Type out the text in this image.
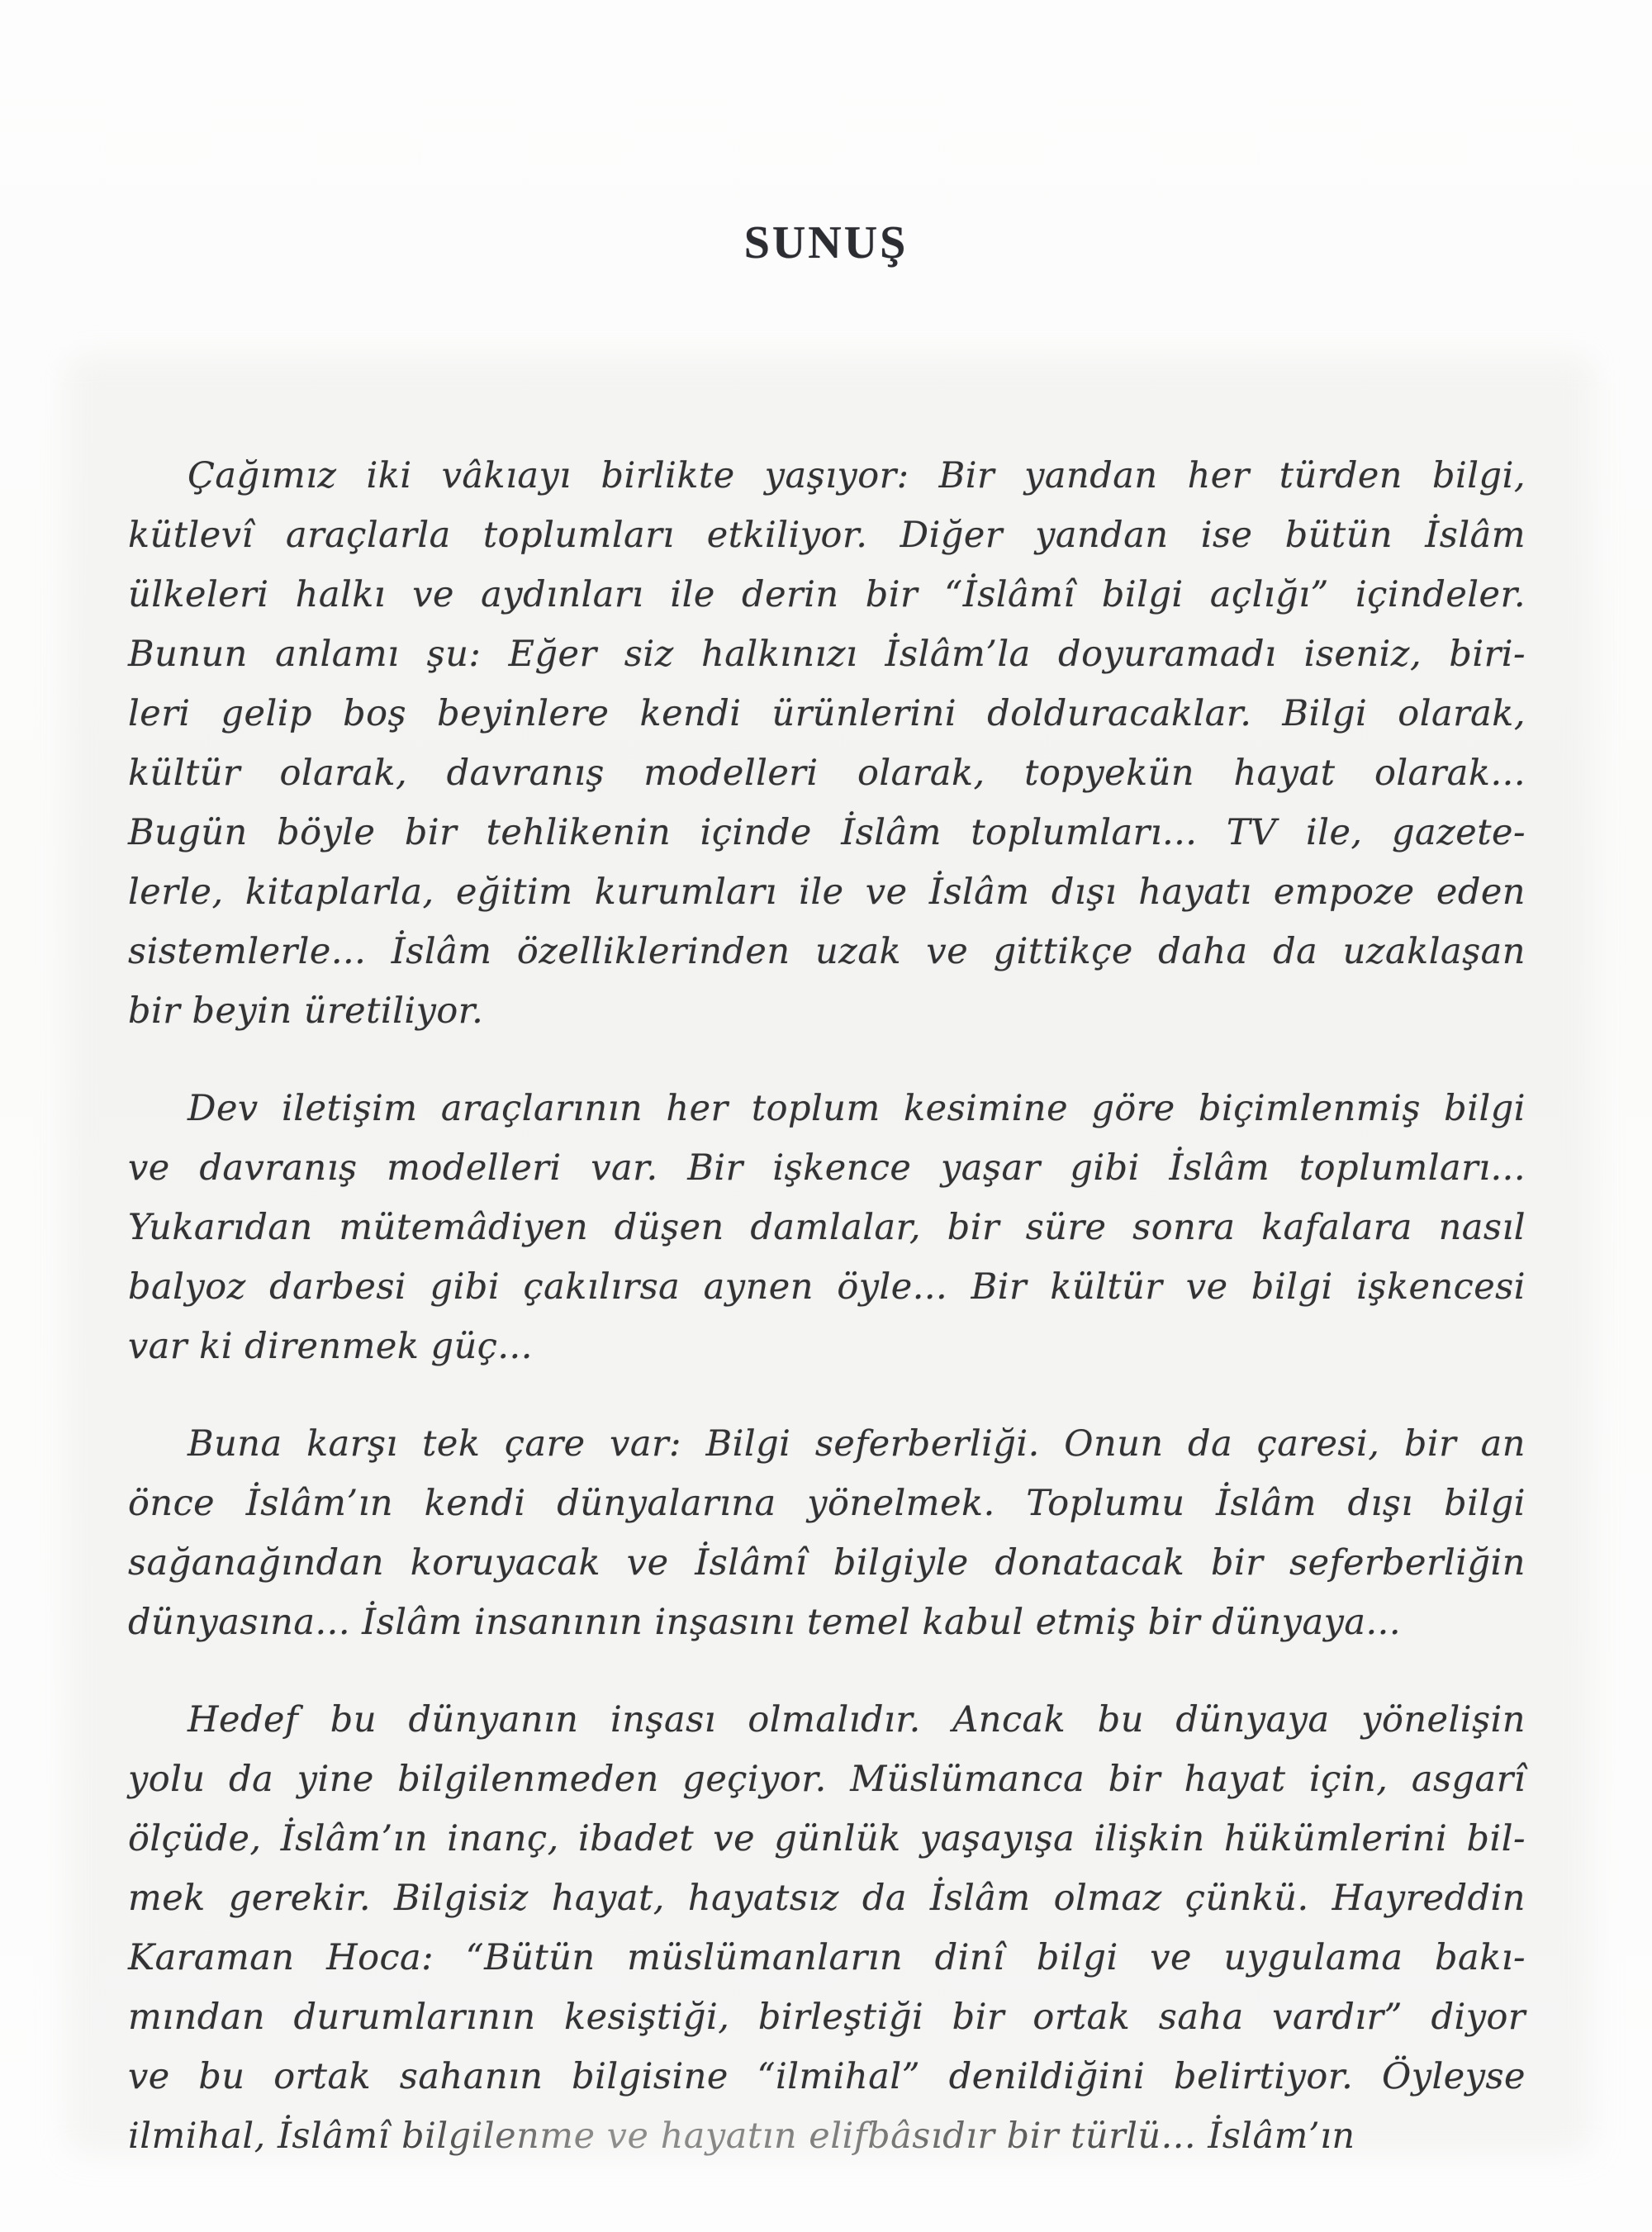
SUNUŞ
Çağımız iki vâkıayı birlikte yaşıyor: Bir yandan her türden bilgi,
kütlevî araçlarla toplumları etkiliyor. Diğer yandan ise bütün İslâm
ülkeleri halkı ve aydınları ile derin bir “İslâmî bilgi açlığı” içindeler.
Bunun anlamı şu: Eğer siz halkınızı İslâm’la doyuramadı iseniz, biri-
leri gelip boş beyinlere kendi ürünlerini dolduracaklar. Bilgi olarak,
kültür olarak, davranış modelleri olarak, topyekün hayat olarak...
Bugün böyle bir tehlikenin içinde İslâm toplumları... TV ile, gazete-
lerle, kitaplarla, eğitim kurumları ile ve İslâm dışı hayatı empoze eden
sistemlerle... İslâm özelliklerinden uzak ve gittikçe daha da uzaklaşan
bir beyin üretiliyor.
Dev iletişim araçlarının her toplum kesimine göre biçimlenmiş bilgi
ve davranış modelleri var. Bir işkence yaşar gibi İslâm toplumları...
Yukarıdan mütemâdiyen düşen damlalar, bir süre sonra kafalara nasıl
balyoz darbesi gibi çakılırsa aynen öyle... Bir kültür ve bilgi işkencesi
var ki direnmek güç...
Buna karşı tek çare var: Bilgi seferberliği. Onun da çaresi, bir an
önce İslâm’ın kendi dünyalarına yönelmek. Toplumu İslâm dışı bilgi
sağanağından koruyacak ve İslâmî bilgiyle donatacak bir seferberliğin
dünyasına... İslâm insanının inşasını temel kabul etmiş bir dünyaya...
Hedef bu dünyanın inşası olmalıdır. Ancak bu dünyaya yönelişin
yolu da yine bilgilenmeden geçiyor. Müslümanca bir hayat için, asgarî
ölçüde, İslâm’ın inanç, ibadet ve günlük yaşayışa ilişkin hükümlerini bil-
mek gerekir. Bilgisiz hayat, hayatsız da İslâm olmaz çünkü. Hayreddin
Karaman Hoca: “Bütün müslümanların dinî bilgi ve uygulama bakı-
mından durumlarının kesiştiği, birleştiği bir ortak saha vardır” diyor
ve bu ortak sahanın bilgisine “ilmihal” denildiğini belirtiyor. Öyleyse
ilmihal, İslâmî bilgilenme ve hayatın elifbâsıdır bir türlü... İslâm’ın
